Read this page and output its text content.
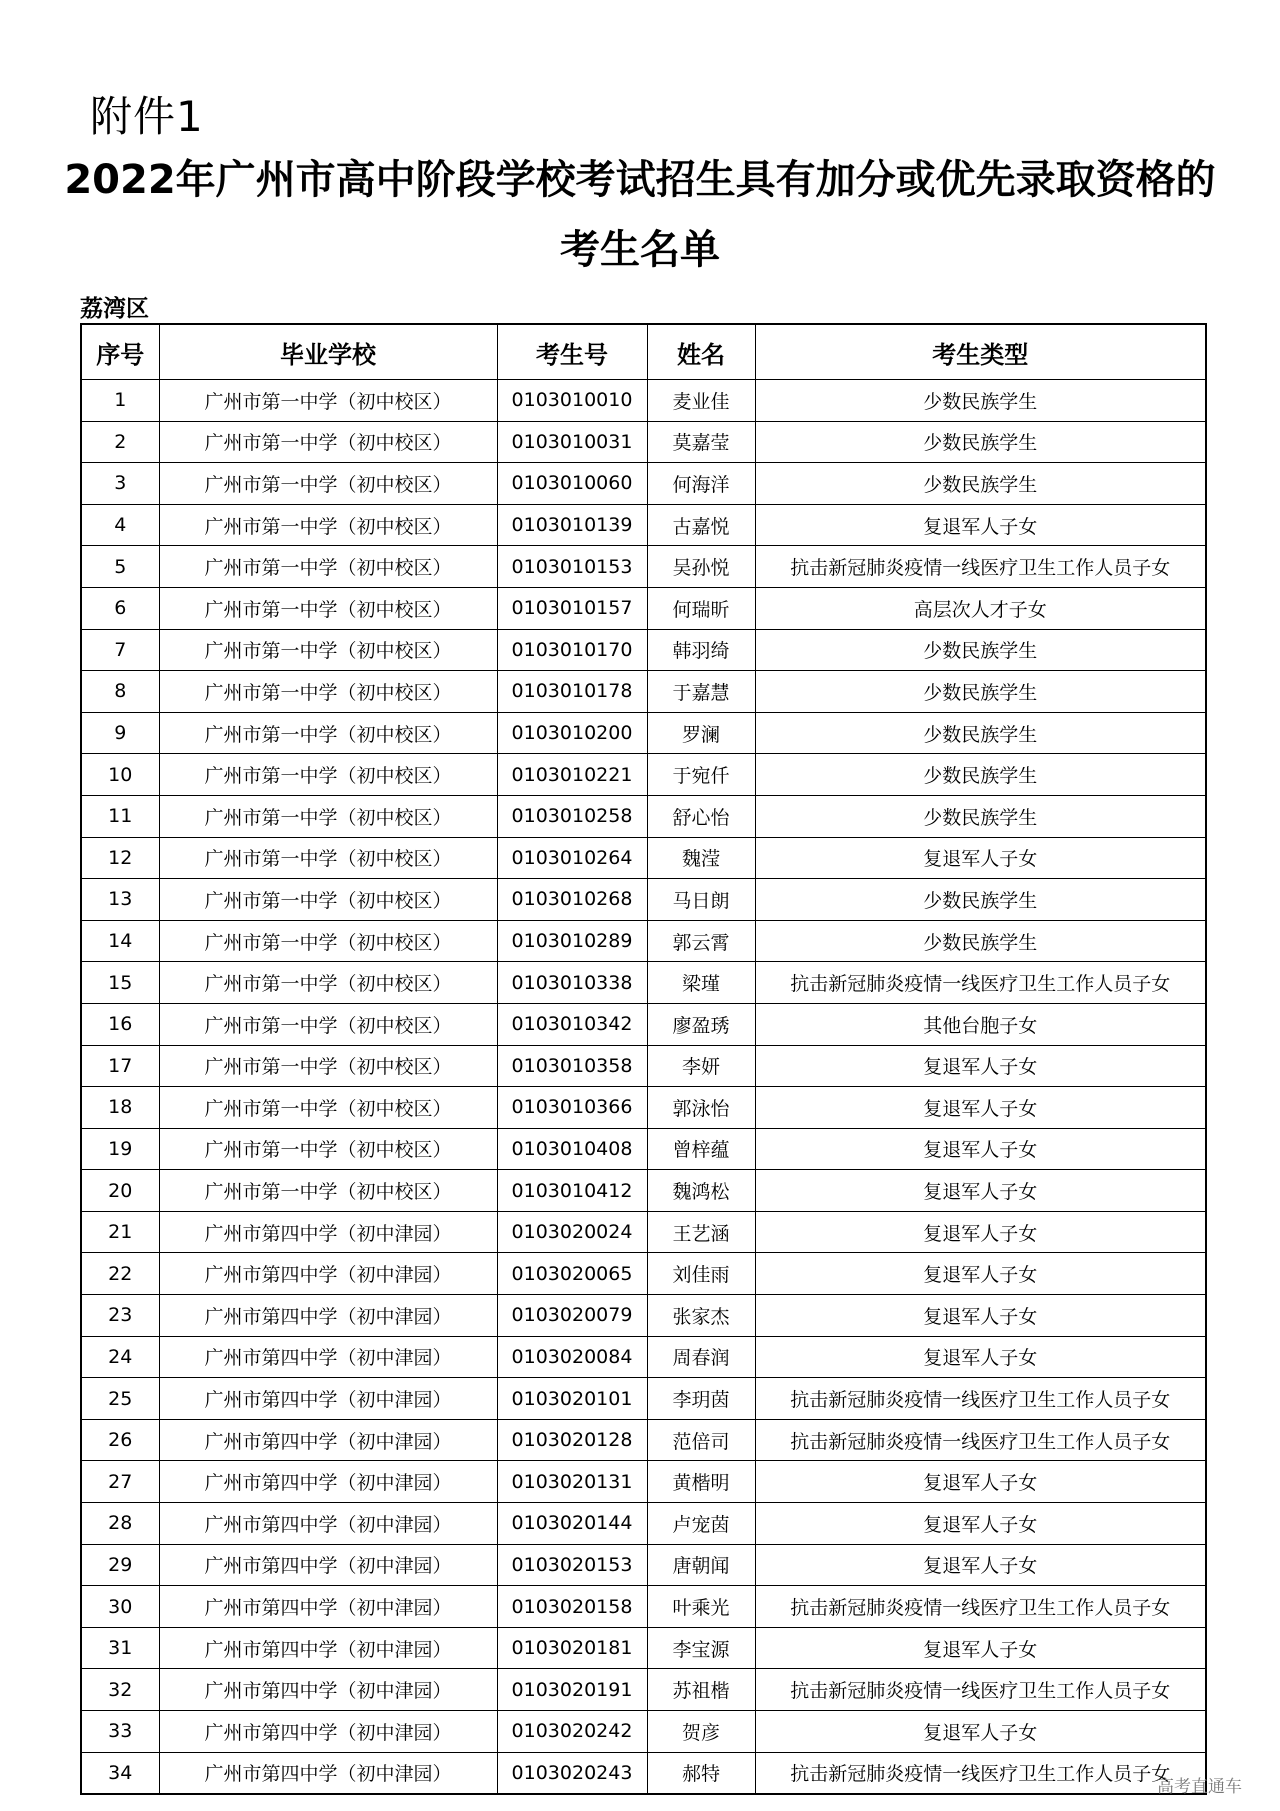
附件1
2022年广州市高中阶段学校考试招生具有加分或优先录取资格的
考生名单
荔湾区
序号	毕业学校	考生号	姓名	考生类型
1	广州市第一中学（初中校区）	0103010010	麦业佳	少数民族学生
2	广州市第一中学（初中校区）	0103010031	莫嘉莹	少数民族学生
3	广州市第一中学（初中校区）	0103010060	何海洋	少数民族学生
4	广州市第一中学（初中校区）	0103010139	古嘉悦	复退军人子女
5	广州市第一中学（初中校区）	0103010153	吴孙悦	抗击新冠肺炎疫情一线医疗卫生工作人员子女
6	广州市第一中学（初中校区）	0103010157	何瑞昕	高层次人才子女
7	广州市第一中学（初中校区）	0103010170	韩羽绮	少数民族学生
8	广州市第一中学（初中校区）	0103010178	于嘉慧	少数民族学生
9	广州市第一中学（初中校区）	0103010200	罗澜	少数民族学生
10	广州市第一中学（初中校区）	0103010221	于宛仟	少数民族学生
11	广州市第一中学（初中校区）	0103010258	舒心怡	少数民族学生
12	广州市第一中学（初中校区）	0103010264	魏滢	复退军人子女
13	广州市第一中学（初中校区）	0103010268	马日朗	少数民族学生
14	广州市第一中学（初中校区）	0103010289	郭云霄	少数民族学生
15	广州市第一中学（初中校区）	0103010338	梁瑾	抗击新冠肺炎疫情一线医疗卫生工作人员子女
16	广州市第一中学（初中校区）	0103010342	廖盈琇	其他台胞子女
17	广州市第一中学（初中校区）	0103010358	李妍	复退军人子女
18	广州市第一中学（初中校区）	0103010366	郭泳怡	复退军人子女
19	广州市第一中学（初中校区）	0103010408	曾梓蕴	复退军人子女
20	广州市第一中学（初中校区）	0103010412	魏鸿松	复退军人子女
21	广州市第四中学（初中津园）	0103020024	王艺涵	复退军人子女
22	广州市第四中学（初中津园）	0103020065	刘佳雨	复退军人子女
23	广州市第四中学（初中津园）	0103020079	张家杰	复退军人子女
24	广州市第四中学（初中津园）	0103020084	周春润	复退军人子女
25	广州市第四中学（初中津园）	0103020101	李玥茵	抗击新冠肺炎疫情一线医疗卫生工作人员子女
26	广州市第四中学（初中津园）	0103020128	范倍司	抗击新冠肺炎疫情一线医疗卫生工作人员子女
27	广州市第四中学（初中津园）	0103020131	黄楷明	复退军人子女
28	广州市第四中学（初中津园）	0103020144	卢宠茵	复退军人子女
29	广州市第四中学（初中津园）	0103020153	唐朝闻	复退军人子女
30	广州市第四中学（初中津园）	0103020158	叶乘光	抗击新冠肺炎疫情一线医疗卫生工作人员子女
31	广州市第四中学（初中津园）	0103020181	李宝源	复退军人子女
32	广州市第四中学（初中津园）	0103020191	苏祖楷	抗击新冠肺炎疫情一线医疗卫生工作人员子女
33	广州市第四中学（初中津园）	0103020242	贺彦	复退军人子女
34	广州市第四中学（初中津园）	0103020243	郝特	抗击新冠肺炎疫情一线医疗卫生工作人员子女
高考直通车
